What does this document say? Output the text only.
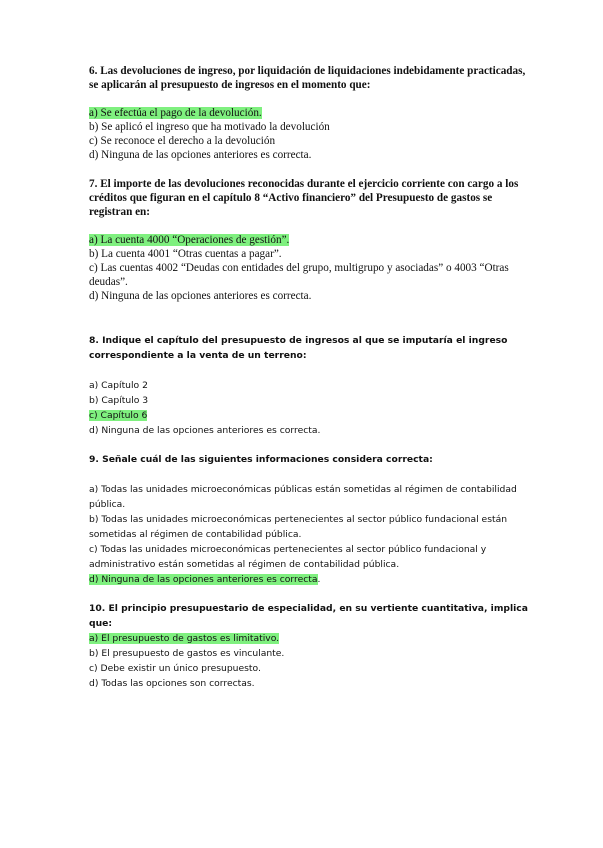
6. Las devoluciones de ingreso, por liquidación de liquidaciones indebidamente practicadas, se aplicarán al presupuesto de ingresos en el momento que:
a) Se efectúa el pago de la devolución.
b) Se aplicó el ingreso que ha motivado la devolución
c) Se reconoce el derecho a la devolución
d) Ninguna de las opciones anteriores es correcta.
7. El importe de las devoluciones reconocidas durante el ejercicio corriente con cargo a los créditos que figuran en el capítulo 8 “Activo financiero” del Presupuesto de gastos se registran en:
a) La cuenta 4000 “Operaciones de gestión”.
b) La cuenta 4001 “Otras cuentas a pagar”.
c) Las cuentas 4002 “Deudas con entidades del grupo, multigrupo y asociadas” o 4003 “Otras deudas”.
d) Ninguna de las opciones anteriores es correcta.
8. Indique el capítulo del presupuesto de ingresos al que se imputaría el ingreso correspondiente a la venta de un terreno:
a) Capítulo 2
b) Capítulo 3
c) Capítulo 6
d) Ninguna de las opciones anteriores es correcta.
9. Señale cuál de las siguientes informaciones considera correcta:
a) Todas las unidades microeconómicas públicas están sometidas al régimen de contabilidad pública.
b) Todas las unidades microeconómicas pertenecientes al sector público fundacional están sometidas al régimen de contabilidad pública.
c) Todas las unidades microeconómicas pertenecientes al sector público fundacional y administrativo están sometidas al régimen de contabilidad pública.
d) Ninguna de las opciones anteriores es correcta.
10. El principio presupuestario de especialidad, en su vertiente cuantitativa, implica que:
a) El presupuesto de gastos es limitativo.
b) El presupuesto de gastos es vinculante.
c) Debe existir un único presupuesto.
d) Todas las opciones son correctas.
